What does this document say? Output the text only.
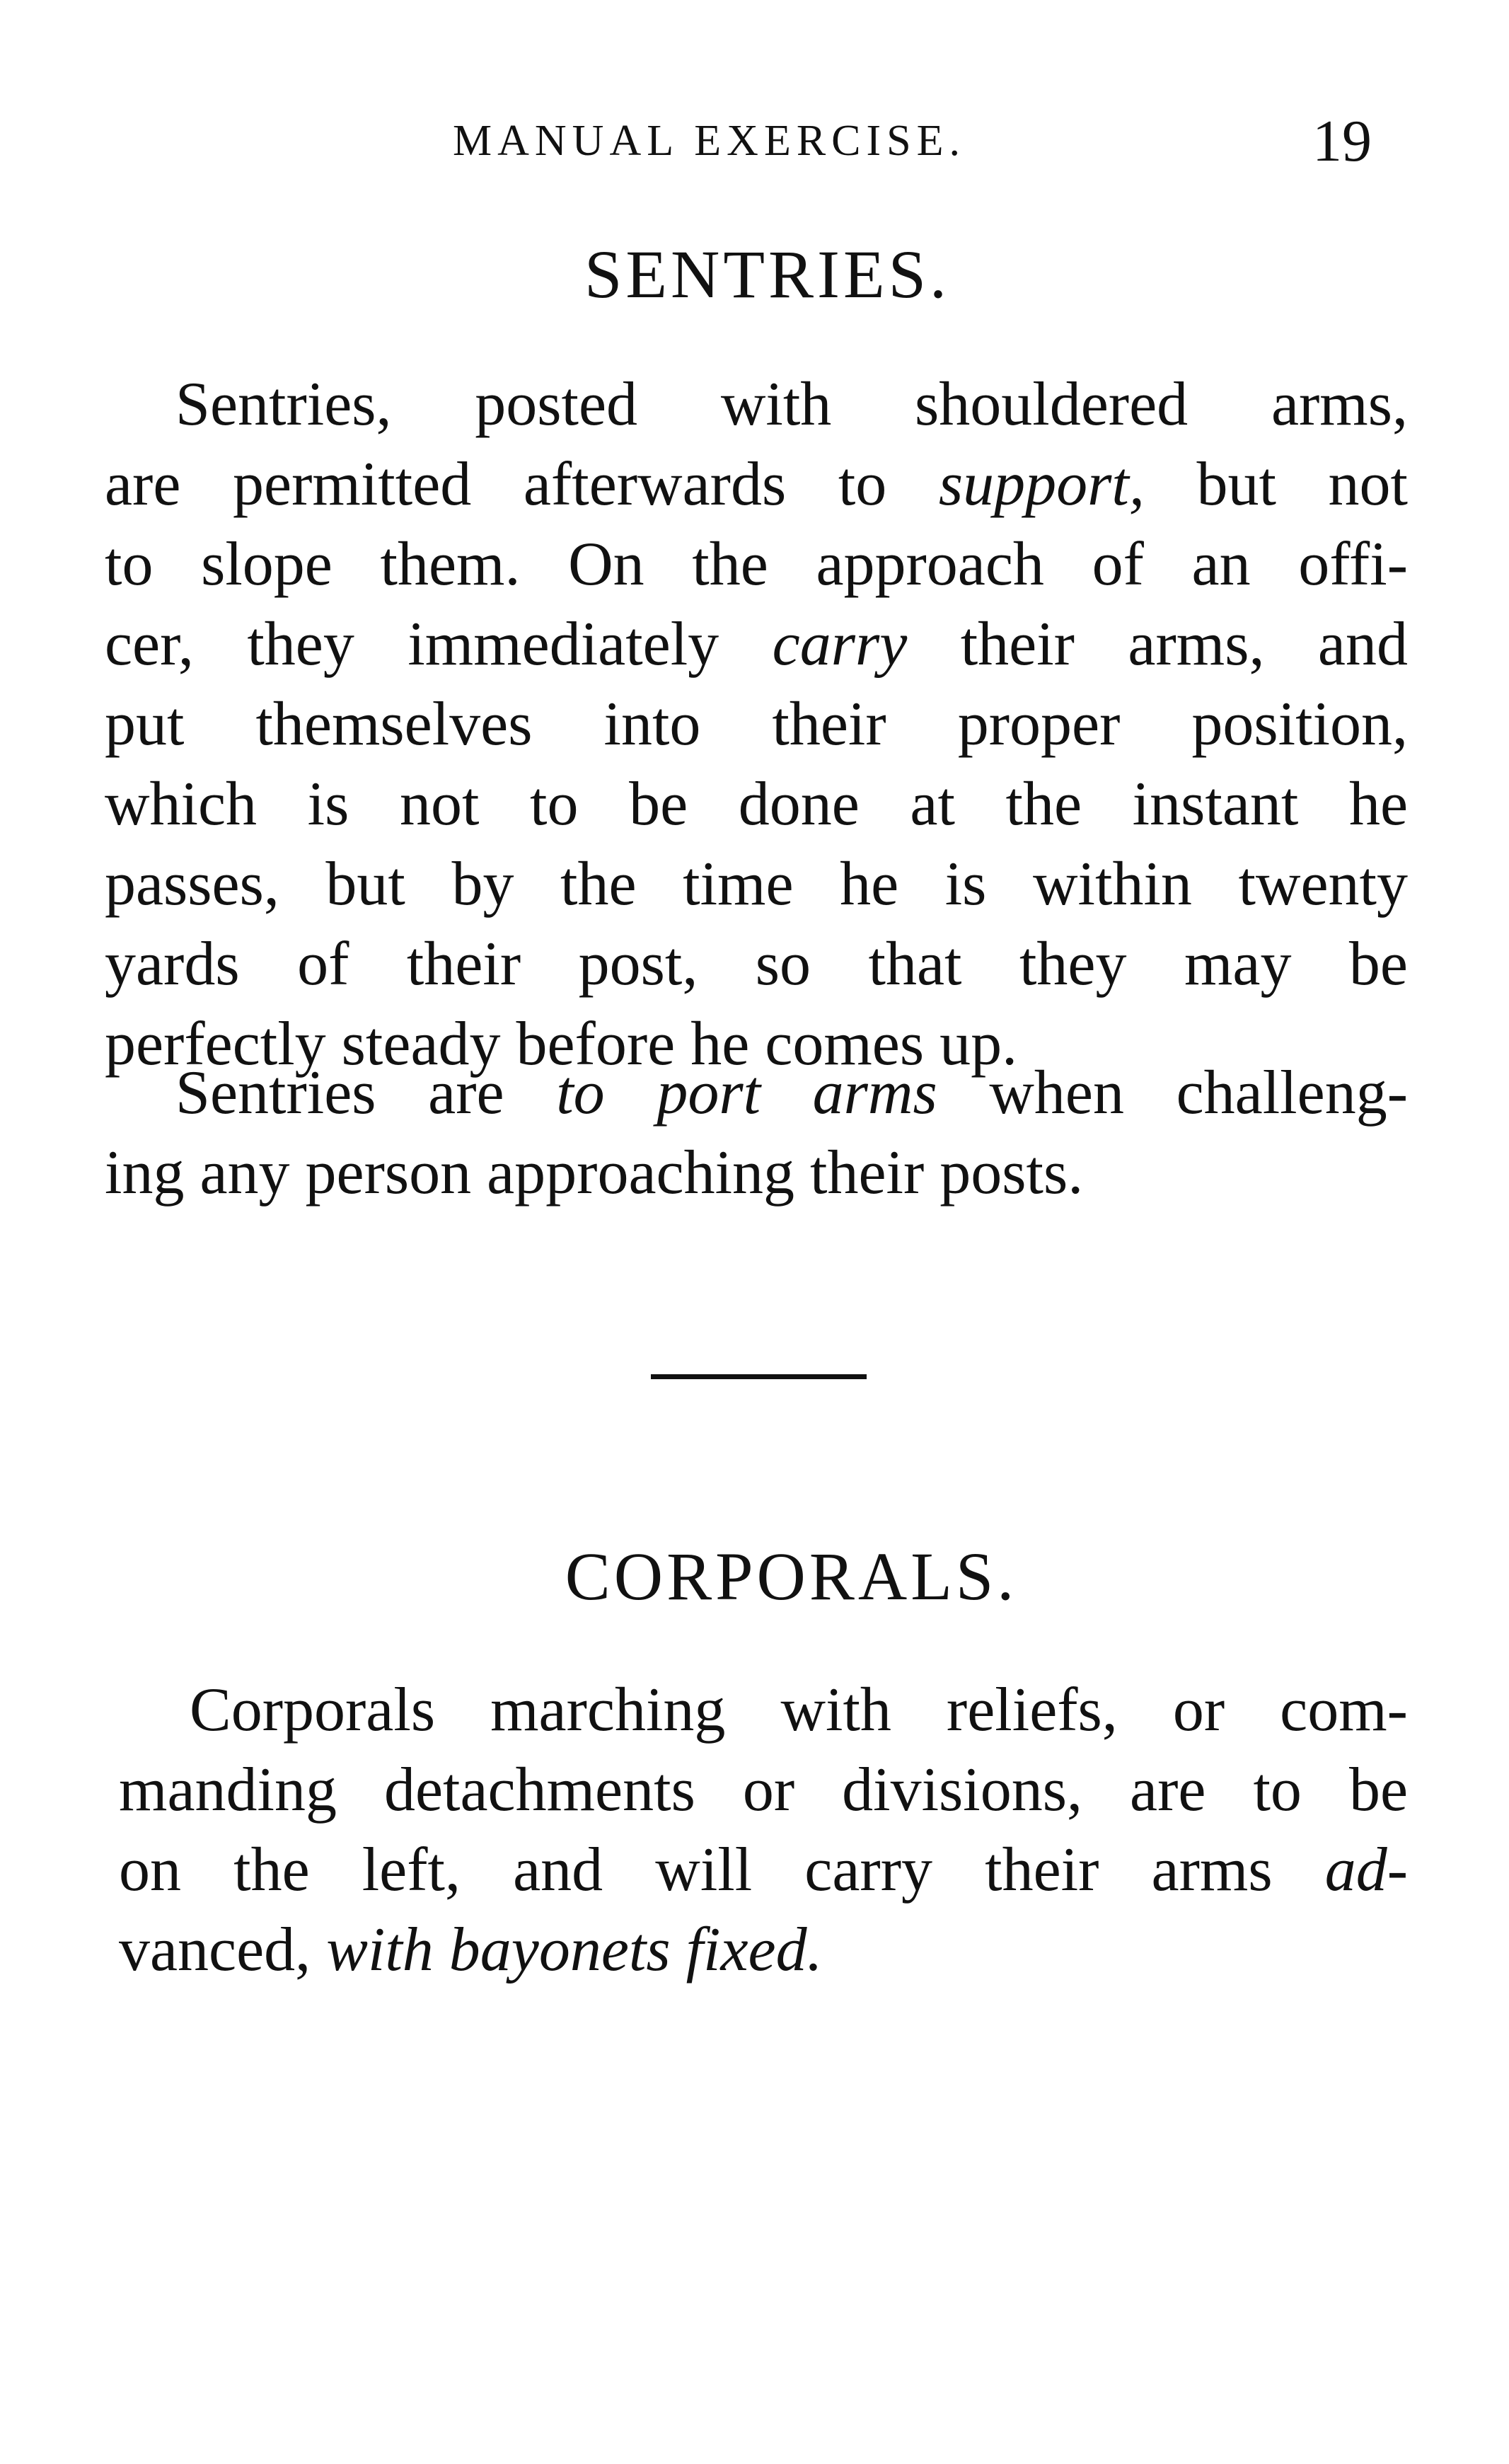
MANUAL EXERCISE.	19
SENTRIES.
Sentries, posted with shouldered arms,
are permitted afterwards to support, but not
to slope them. On the approach of an offi-
cer, they immediately carry their arms, and
put themselves into their proper position,
which is not to be done at the instant he
passes, but by the time he is within twenty
yards of their post, so that they may be
perfectly steady before he comes up.
Sentries are to port arms when challeng-
ing any person approaching their posts.
CORPORALS.
Corporals marching with reliefs, or com-
manding detachments or divisions, are to be
on the left, and will carry their arms ad-
vanced, with bayonets fixed.
